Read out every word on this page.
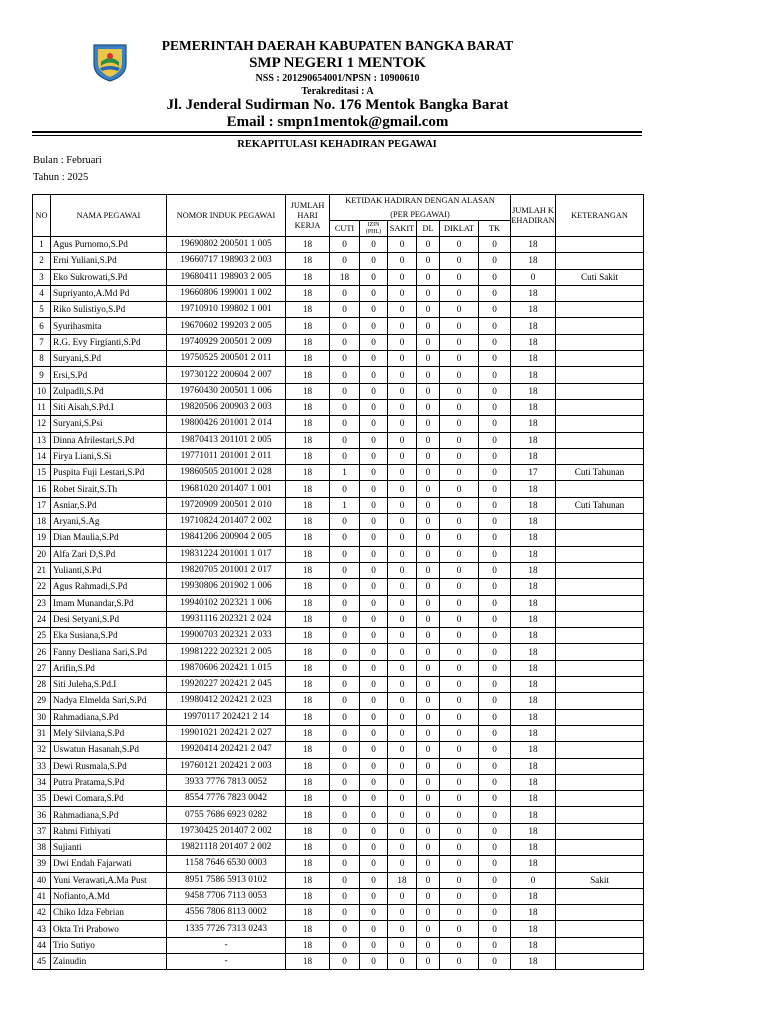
PEMERINTAH DAERAH KABUPATEN BANGKA BARAT
SMP NEGERI 1 MENTOK
NSS : 201290654001/NPSN : 10900610
Terakreditasi : A
Jl. Jenderal Sudirman No. 176 Mentok Bangka Barat
Email : smpn1mentok@gmail.com
REKAPITULASI KEHADIRAN PEGAWAI
Bulan : Februari
Tahun : 2025
NO	NAMA PEGAWAI	NOMOR INDUK PEGAWAI	JUMLAH HARI KERJA	KETIDAK HADIRAN DENGAN ALASAN
(PER PEGAWAI)						JUMLAH KEHADIRAN	KETERANGAN
				CUTI	IZIN (PHL)	SAKIT	DL	DIKLAT	TK		
1	Agus Purnomo,S.Pd	19690802 200501 1 005	18	0	0	0	0	0	0	18	
2	Erni Yuliani,S.Pd	19660717 198903 2 003	18	0	0	0	0	0	0	18	
3	Eko Sukrowati,S.Pd	19680411 198903 2 005	18	18	0	0	0	0	0	0	Cuti Sakit
4	Supriyanto,A.Md Pd	19660806 199001 1 002	18	0	0	0	0	0	0	18	
5	Riko Sulistiyo,S.Pd	19710910 199802 1 001	18	0	0	0	0	0	0	18	
6	Syurihasmita	19670602 199203 2 005	18	0	0	0	0	0	0	18	
7	R.G. Evy Firgianti,S.Pd	19740929 200501 2 009	18	0	0	0	0	0	0	18	
8	Suryani,S.Pd	19750525 200501 2 011	18	0	0	0	0	0	0	18	
9	Ersi,S.Pd	19730122 200604 2 007	18	0	0	0	0	0	0	18	
10	Zulpadli,S.Pd	19760430 200501 1 006	18	0	0	0	0	0	0	18	
11	Siti Aisah,S.Pd.I	19820506 200903 2 003	18	0	0	0	0	0	0	18	
12	Suryani,S.Psi	19800426 201001 2 014	18	0	0	0	0	0	0	18	
13	Dinna Afrilestari,S.Pd	19870413 201101 2 005	18	0	0	0	0	0	0	18	
14	Firya Liani,S.Si	19771011 201001 2 011	18	0	0	0	0	0	0	18	
15	Puspita Fuji Lestari,S.Pd	19860505 201001 2 028	18	1	0	0	0	0	0	17	Cuti Tahunan
16	Robet Sirait,S.Th	19681020 201407 1 001	18	0	0	0	0	0	0	18	
17	Asniar,S.Pd	19720909 200501 2 010	18	1	0	0	0	0	0	18	Cuti Tahunan
18	Aryani,S.Ag	19710824 201407 2 002	18	0	0	0	0	0	0	18	
19	Dian Maulia,S.Pd	19841206 200904 2 005	18	0	0	0	0	0	0	18	
20	Alfa Zari D,S.Pd	19831224 201001 1 017	18	0	0	0	0	0	0	18	
21	Yulianti,S.Pd	19820705 201001 2 017	18	0	0	0	0	0	0	18	
22	Agus Rahmadi,S.Pd	19930806 201902 1 006	18	0	0	0	0	0	0	18	
23	Imam Munandar,S.Pd	19940102 202321 1 006	18	0	0	0	0	0	0	18	
24	Desi Setyani,S.Pd	19931116 202321 2 024	18	0	0	0	0	0	0	18	
25	Eka Susiana,S.Pd	19900703 202321 2 033	18	0	0	0	0	0	0	18	
26	Fanny Desliana Sari,S.Pd	19981222 202321 2 005	18	0	0	0	0	0	0	18	
27	Arifin,S.Pd	19870606 202421 1 015	18	0	0	0	0	0	0	18	
28	Siti Juleha,S.Pd.I	19920227 202421 2 045	18	0	0	0	0	0	0	18	
29	Nadya Elmelda Sari,S.Pd	19980412 202421 2 023	18	0	0	0	0	0	0	18	
30	Rahmadiana,S.Pd	19970117 202421 2 14	18	0	0	0	0	0	0	18	
31	Mely Silviana,S.Pd	19901021 202421 2 027	18	0	0	0	0	0	0	18	
32	Uswatun Hasanah,S.Pd	19920414 202421 2 047	18	0	0	0	0	0	0	18	
33	Dewi Rusmala,S.Pd	19760121 202421 2 003	18	0	0	0	0	0	0	18	
34	Putra Pratama,S.Pd	3933 7776 7813 0052	18	0	0	0	0	0	0	18	
35	Dewi Comara,S.Pd	8554 7776 7823 0042	18	0	0	0	0	0	0	18	
36	Rahmadiana,S.Pd	0755 7686 6923 0282	18	0	0	0	0	0	0	18	
37	Rahmi Fithiyati	19730425 201407 2 002	18	0	0	0	0	0	0	18	
38	Sujianti	19821118 201407 2 002	18	0	0	0	0	0	0	18	
39	Dwi Endah Fajarwati	1158 7646 6530 0003	18	0	0	0	0	0	0	18	
40	Yuni Verawati,A.Ma Pust	8951 7586 5913 0102	18	0	0	18	0	0	0	0	Sakit
41	Nofianto,A.Md	9458 7706 7113 0053	18	0	0	0	0	0	0	18	
42	Chiko Idza Febrian	4556 7806 8113 0002	18	0	0	0	0	0	0	18	
43	Okta Tri Prabowo	1335 7726 7313 0243	18	0	0	0	0	0	0	18	
44	Trio Sutiyo	-	18	0	0	0	0	0	0	18	
45	Zainudin	-	18	0	0	0	0	0	0	18	
